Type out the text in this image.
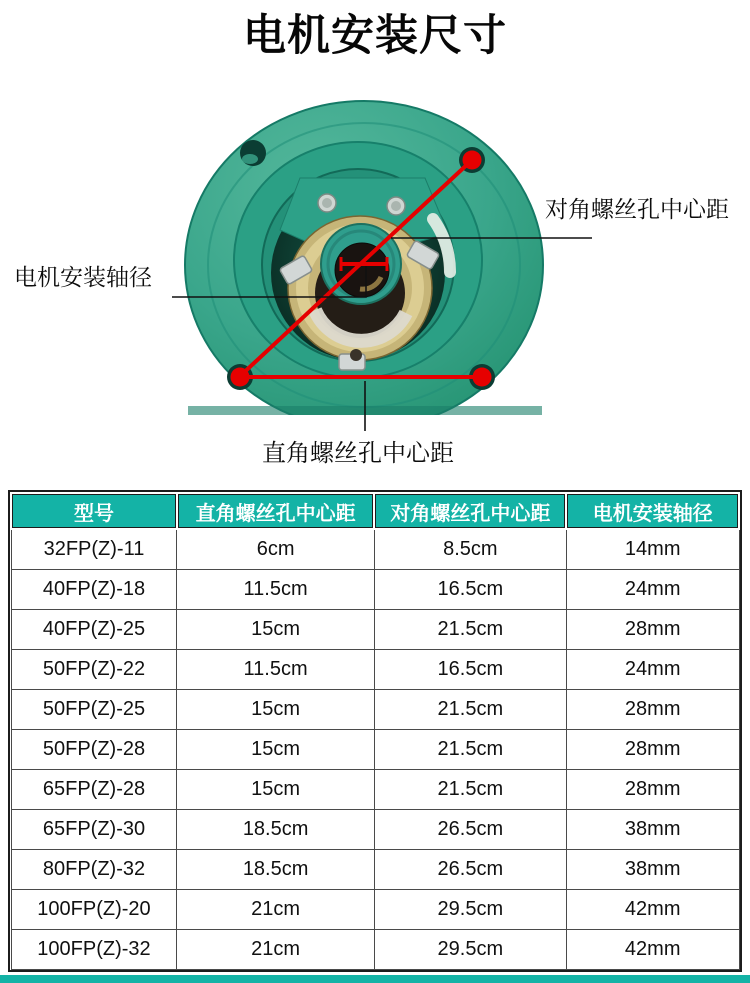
电机安装尺寸
对角螺丝孔中心距
电机安装轴径
直角螺丝孔中心距
型号	直角螺丝孔中心距	对角螺丝孔中心距	电机安装轴径
32FP(Z)-11	6cm	8.5cm	14mm
40FP(Z)-18	11.5cm	16.5cm	24mm
40FP(Z)-25	15cm	21.5cm	28mm
50FP(Z)-22	11.5cm	16.5cm	24mm
50FP(Z)-25	15cm	21.5cm	28mm
50FP(Z)-28	15cm	21.5cm	28mm
65FP(Z)-28	15cm	21.5cm	28mm
65FP(Z)-30	18.5cm	26.5cm	38mm
80FP(Z)-32	18.5cm	26.5cm	38mm
100FP(Z)-20	21cm	29.5cm	42mm
100FP(Z)-32	21cm	29.5cm	42mm
